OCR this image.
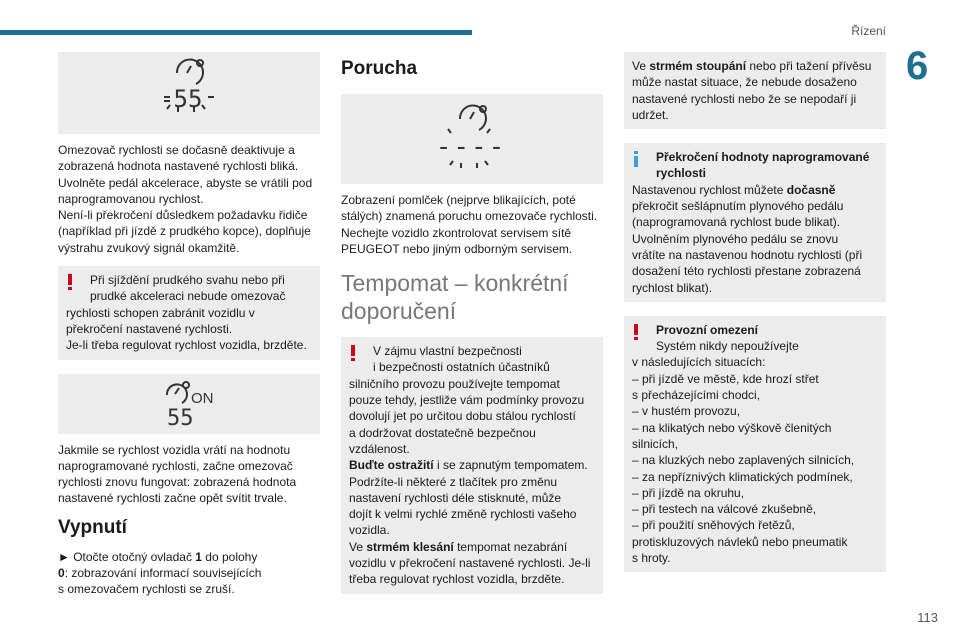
Řízení
6
113
55

Omezovač rychlosti se dočasně deaktivuje a
zobrazená hodnota nastavené rychlosti bliká.
Uvolněte pedál akcelerace, abyste se vrátili pod
naprogramovanou rychlost.
Není-li překročení důsledkem požadavku řidiče
(například při jízdě z prudkého kopce), doplňuje
výstrahu zvukový signál okamžitě.

Při sjíždění prudkého svahu nebo při
prudké akceleraci nebude omezovač
rychlosti schopen zabránit vozidlu v
překročení nastavené rychlosti.
Je-li třeba regulovat rychlost vozidla, brzděte.
ON
55

Jakmile se rychlost vozidla vrátí na hodnotu
naprogramované rychlosti, začne omezovač
rychlosti znovu fungovat: zobrazená hodnota
nastavené rychlosti začne opět svítit trvale.

Vypnutí

► Otočte otočný ovladač 1 do polohy
0: zobrazování informací souvisejících
s omezovačem rychlosti se zruší.

Porucha
----

Zobrazení pomlček (nejprve blikajících, poté
stálých) znamená poruchu omezovače rychlosti.
Nechejte vozidlo zkontrolovat servisem sítě
PEUGEOT nebo jiným odborným servisem.

Tempomat – konkrétní
doporučení
V zájmu vlastní bezpečnosti
i bezpečnosti ostatních účastníků
silničního provozu používejte tempomat
pouze tehdy, jestliže vám podmínky provozu
dovolují jet po určitou dobu stálou rychlostí
a dodržovat dostatečně bezpečnou
vzdálenost.
Buďte ostražití i se zapnutým tempomatem.
Podržíte-li některé z tlačítek pro změnu
nastavení rychlosti déle stisknuté, může
dojít k velmi rychlé změně rychlosti vašeho
vozidla.
Ve strmém klesání tempomat nezabrání
vozidlu v překročení nastavené rychlosti. Je-li
třeba regulovat rychlost vozidla, brzděte.
Ve strmém stoupání nebo při tažení přívěsu
může nastat situace, že nebude dosaženo
nastavené rychlosti nebo že se nepodaří ji
udržet.
Překročení hodnoty naprogramované
rychlosti
Nastavenou rychlost můžete dočasně
překročit sešlápnutím plynového pedálu
(naprogramovaná rychlost bude blikat).
Uvolněním plynového pedálu se znovu
vrátíte na nastavenou hodnotu rychlosti (při
dosažení této rychlosti přestane zobrazená
rychlost blikat).
Provozní omezení
Systém nikdy nepoužívejte
v následujících situacích:
– při jízdě ve městě, kde hrozí střet
s přecházejícími chodci,
– v hustém provozu,
– na klikatých nebo výškově členitých
silnicích,
– na kluzkých nebo zaplavených silnicích,
– za nepříznivých klimatických podmínek,
– při jízdě na okruhu,
– při testech na válcové zkušebně,
– při použití sněhových řetězů,
protiskluzových návleků nebo pneumatik
s hroty.
